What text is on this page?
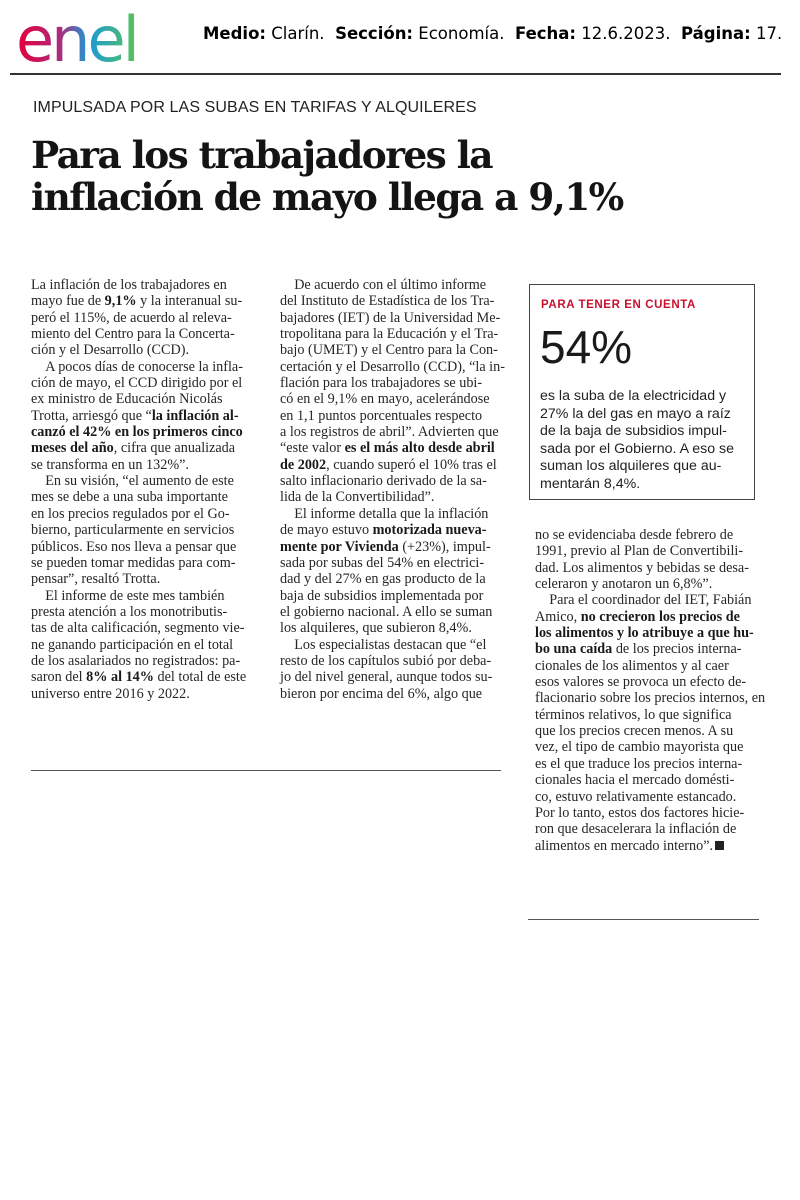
enel	Medio: Clarín. Sección: Economía. Fecha: 12.6.2023. Página: 17.
IMPULSADA POR LAS SUBAS EN TARIFAS Y ALQUILERES
Para los trabajadores la
inflación de mayo llega a 9,1%
La inflación de los trabajadores en
mayo fue de 9,1% y la interanual su-
peró el 115%, de acuerdo al releva-
miento del Centro para la Concerta-
ción y el Desarrollo (CCD).
 A pocos días de conocerse la infla-
ción de mayo, el CCD dirigido por el
ex ministro de Educación Nicolás
Trotta, arriesgó que “la inflación al-
canzó el 42% en los primeros cinco
meses del año, cifra que anualizada
se transforma en un 132%”.
 En su visión, “el aumento de este
mes se debe a una suba importante
en los precios regulados por el Go-
bierno, particularmente en servicios
públicos. Eso nos lleva a pensar que
se pueden tomar medidas para com-
pensar”, resaltó Trotta.
 El informe de este mes también
presta atención a los monotributis-
tas de alta calificación, segmento vie-
ne ganando participación en el total
de los asalariados no registrados: pa-
saron del 8% al 14% del total de este
universo entre 2016 y 2022.
 De acuerdo con el último informe
del Instituto de Estadística de los Tra-
bajadores (IET) de la Universidad Me-
tropolitana para la Educación y el Tra-
bajo (UMET) y el Centro para la Con-
certación y el Desarrollo (CCD), “la in-
flación para los trabajadores se ubi-
có en el 9,1% en mayo, acelerándose
en 1,1 puntos porcentuales respecto
a los registros de abril”. Advierten que
“este valor es el más alto desde abril
de 2002, cuando superó el 10% tras el
salto inflacionario derivado de la sa-
lida de la Convertibilidad”.
 El informe detalla que la inflación
de mayo estuvo motorizada nueva-
mente por Vivienda (+23%), impul-
sada por subas del 54% en electrici-
dad y del 27% en gas producto de la
baja de subsidios implementada por
el gobierno nacional. A ello se suman
los alquileres, que subieron 8,4%.
 Los especialistas destacan que “el
resto de los capítulos subió por deba-
jo del nivel general, aunque todos su-
bieron por encima del 6%, algo que
no se evidenciaba desde febrero de
1991, previo al Plan de Convertibili-
dad. Los alimentos y bebidas se desa-
celeraron y anotaron un 6,8%”.
 Para el coordinador del IET, Fabián
Amico, no crecieron los precios de
los alimentos y lo atribuye a que hu-
bo una caída de los precios interna-
cionales de los alimentos y al caer
esos valores se provoca un efecto de-
flacionario sobre los precios internos, en
términos relativos, lo que significa
que los precios crecen menos. A su
vez, el tipo de cambio mayorista que
es el que traduce los precios interna-
cionales hacia el mercado domésti-
co, estuvo relativamente estancado.
Por lo tanto, estos dos factores hicie-
ron que desacelerara la inflación de
alimentos en mercado interno”.
PARA TENER EN CUENTA
54%
es la suba de la electricidad y
27% la del gas en mayo a raíz
de la baja de subsidios impul-
sada por el Gobierno. A eso se
suman los alquileres que au-
mentarán 8,4%.
